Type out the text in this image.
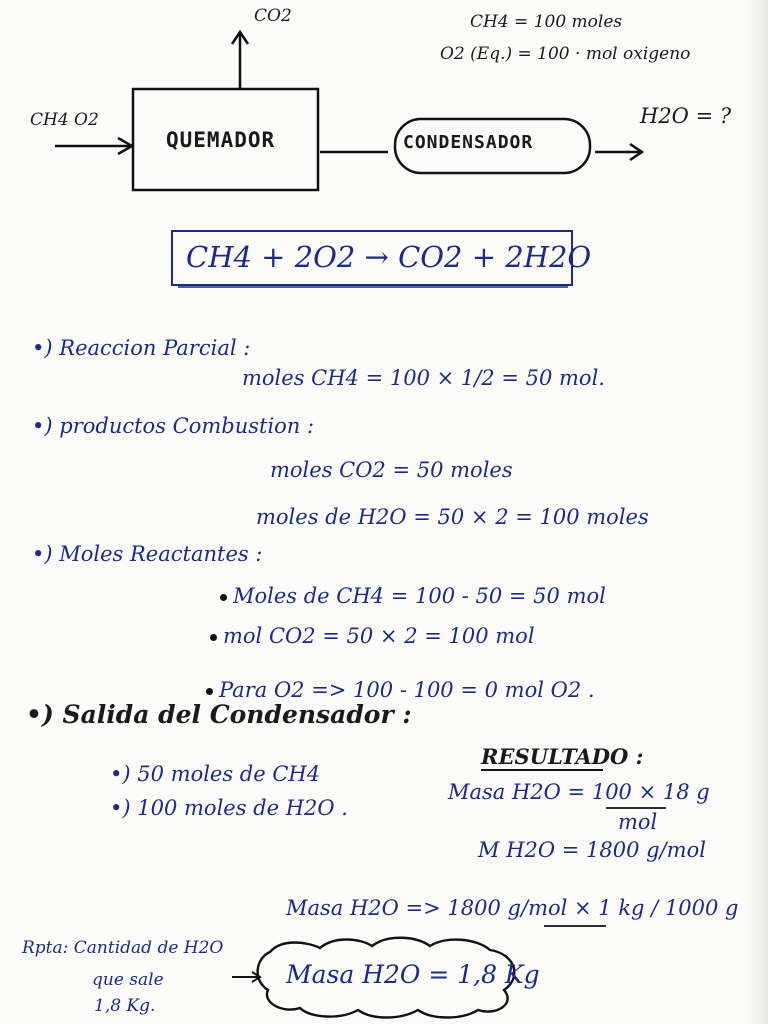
CO2	CH4 = 100 moles
O2 (Eq.) = 100 · mol oxigeno
CH4 O2
QUEMADOR	CONDENSADOR
H2O = ?
CH4 + 2O2 → CO2 + 2H2O
•) Reaccion Parcial :
moles CH4 = 100 × 1/2 = 50 mol.
•) productos Combustion :
moles CO2 = 50 moles
moles de H2O = 50 × 2 = 100 moles
•) Moles Reactantes :
Moles de CH4 = 100 - 50 = 50 mol
mol CO2 = 50 × 2 = 100 mol
Para O2 => 100 - 100 = 0 mol O2 .
•) Salida del Condensador :
•) 50 moles de CH4
•) 100 moles de H2O .
RESULTADO :
Masa H2O = 100 × 18 g
mol
M H2O = 1800 g/mol
Masa H2O => 1800 g/mol × 1 kg / 1000 g
Masa H2O = 1,8 Kg
Rpta: Cantidad de H2O
que sale
1,8 Kg.
